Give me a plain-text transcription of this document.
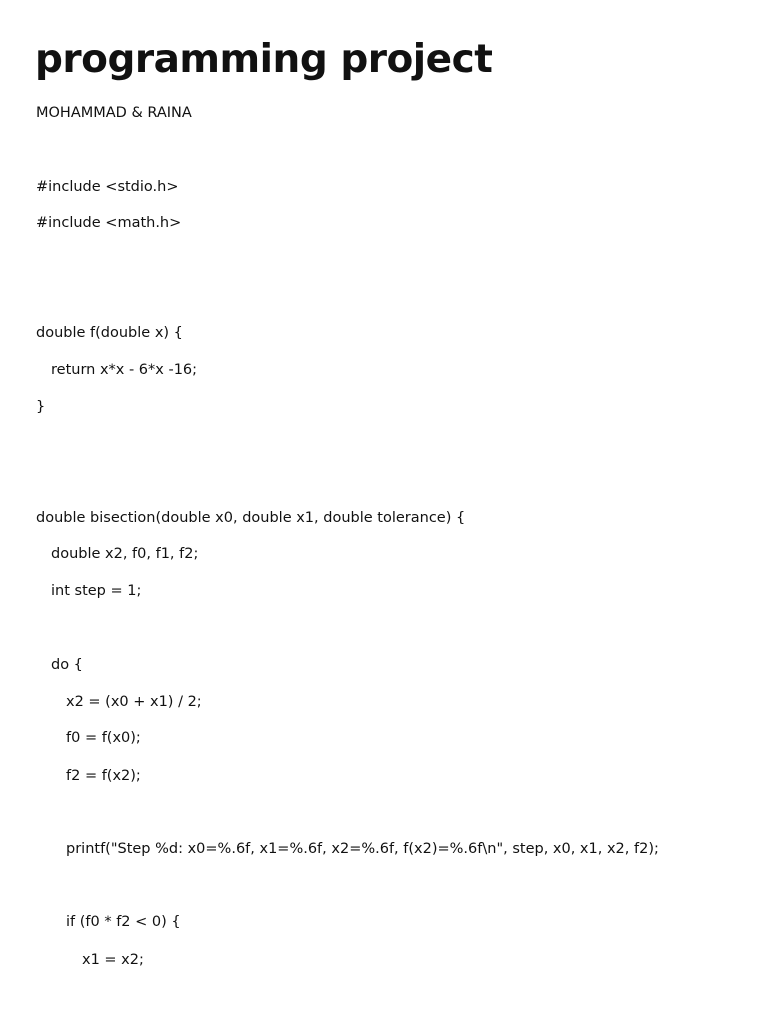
programming project
MOHAMMAD & RAINA
#include <stdio.h>
#include <math.h>
double f(double x) {
return x*x - 6*x -16;
}
double bisection(double x0, double x1, double tolerance) {
double x2, f0, f1, f2;
int step = 1;
do {
x2 = (x0 + x1) / 2;
f0 = f(x0);
f2 = f(x2);
printf("Step %d: x0=%.6f, x1=%.6f, x2=%.6f, f(x2)=%.6f\n", step, x0, x1, x2, f2);
if (f0 * f2 < 0) {
x1 = x2;
